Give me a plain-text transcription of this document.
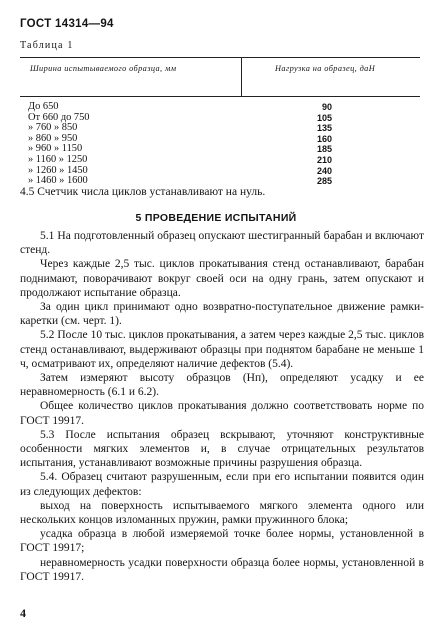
ГОСТ 14314—94
Таблица 1
Ширина испытываемого образца, мм	Нагрузка на образец, даН
До 650	90
От 660 до 750	105
» 760 » 850	135
» 860 » 950	160
» 960 » 1150	185
» 1160 » 1250	210
» 1260 » 1450	240
» 1460 » 1600	285
4.5 Счетчик числа циклов устанавливают на нуль.
5 ПРОВЕДЕНИЕ ИСПЫТАНИЙ

5.1 На подготовленный образец опускают шестигранный барабан и включают стенд.

Через каждые 2,5 тыс. циклов прокатывания стенд останавливают, барабан поднимают, поворачивают вокруг своей оси на одну грань, затем опускают и продолжают испытание образца.

За один цикл принимают одно возвратно-поступательное движение рамки-каретки (см. черт. 1).

5.2 После 10 тыс. циклов прокатывания, а затем через каждые 2,5 тыс. циклов стенд останавливают, выдерживают образцы при поднятом барабане не меньше 1 ч, осматривают их, определяют наличие дефектов (5.4).

Затем измеряют высоту образцов (Hп), определяют усадку и ее неравномерность (6.1 и 6.2).

Общее количество циклов прокатывания должно соответствовать норме по ГОСТ 19917.

5.3 После испытания образец вскрывают, уточняют конструктивные особенности мягких элементов и, в случае отрицательных результатов испытания, устанавливают возможные причины разрушения образца.

5.4. Образец считают разрушенным, если при его испытании появится один из следующих дефектов:

выход на поверхность испытываемого мягкого элемента одного или нескольких концов изломанных пружин, рамки пружинного блока;

усадка образца в любой измеряемой точке более нормы, установленной в ГОСТ 19917;

неравномерность усадки поверхности образца более нормы, установленной в ГОСТ 19917.

4
